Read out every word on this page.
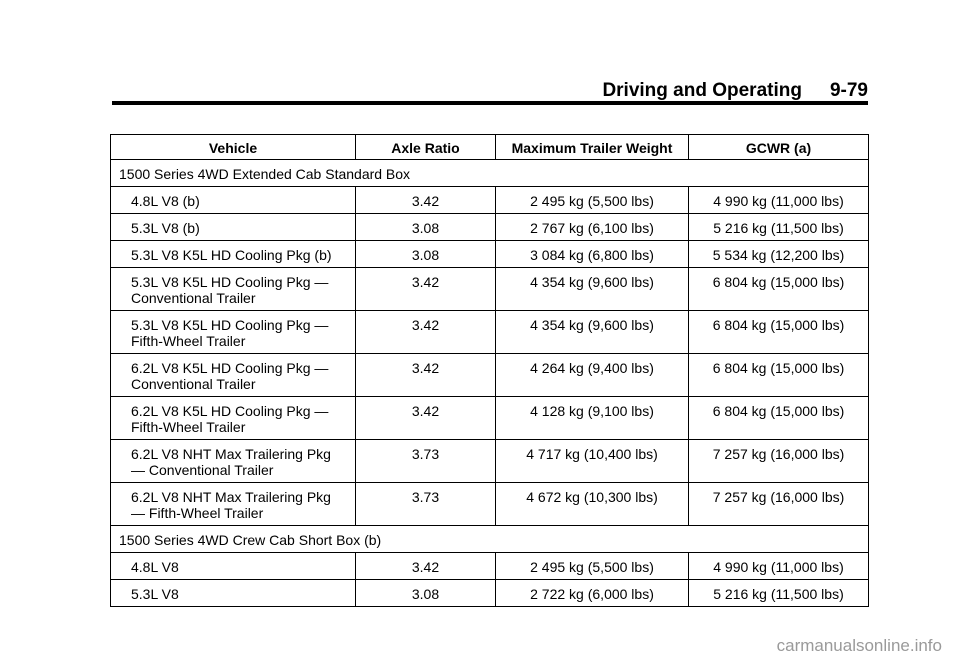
Driving and Operating 9-79
Vehicle	Axle Ratio	Maximum Trailer Weight	GCWR (a)
1500 Series 4WD Extended Cab Standard Box			

4.8L V8 (b)	3.42	2 495 kg (5,500 lbs)	4 990 kg (11,000 lbs)

5.3L V8 (b)	3.08	2 767 kg (6,100 lbs)	5 216 kg (11,500 lbs)

5.3L V8 K5L HD Cooling Pkg (b)	3.08	3 084 kg (6,800 lbs)	5 534 kg (12,200 lbs)

5.3L V8 K5L HD Cooling Pkg —
Conventional Trailer	3.42	4 354 kg (9,600 lbs)	6 804 kg (15,000 lbs)

5.3L V8 K5L HD Cooling Pkg —
Fifth-Wheel Trailer	3.42	4 354 kg (9,600 lbs)	6 804 kg (15,000 lbs)

6.2L V8 K5L HD Cooling Pkg —
Conventional Trailer	3.42	4 264 kg (9,400 lbs)	6 804 kg (15,000 lbs)

6.2L V8 K5L HD Cooling Pkg —
Fifth-Wheel Trailer	3.42	4 128 kg (9,100 lbs)	6 804 kg (15,000 lbs)

6.2L V8 NHT Max Trailering Pkg
— Conventional Trailer	3.73	4 717 kg (10,400 lbs)	7 257 kg (16,000 lbs)

6.2L V8 NHT Max Trailering Pkg
— Fifth-Wheel Trailer	3.73	4 672 kg (10,300 lbs)	7 257 kg (16,000 lbs)
1500 Series 4WD Crew Cab Short Box (b)			

4.8L V8	3.42	2 495 kg (5,500 lbs)	4 990 kg (11,000 lbs)

5.3L V8	3.08	2 722 kg (6,000 lbs)	5 216 kg (11,500 lbs)
carmanualsonline.info
